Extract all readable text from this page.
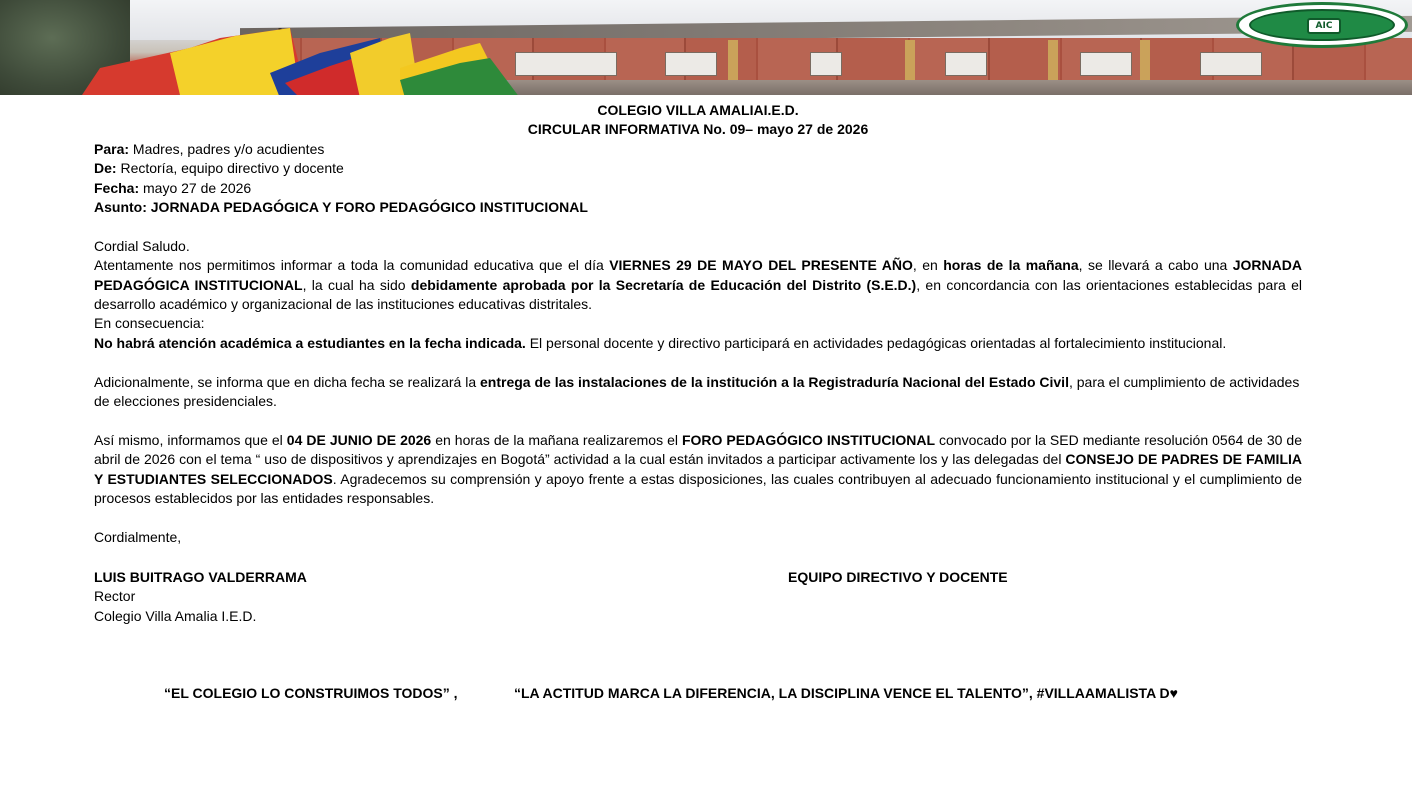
AIC

COLEGIO VILLA AMALIAI.E.D.

CIRCULAR INFORMATIVA No. 09– mayo 27 de 2026

Para: Madres, padres y/o acudientes

De: Rectoría, equipo directivo y docente

Fecha: mayo 27 de 2026

Asunto: JORNADA PEDAGÓGICA Y FORO PEDAGÓGICO INSTITUCIONAL

Cordial Saludo.

Atentamente nos permitimos informar a toda la comunidad educativa que el día VIERNES 29 DE MAYO DEL PRESENTE AÑO, en horas de la mañana, se llevará a cabo una JORNADA PEDAGÓGICA INSTITUCIONAL, la cual ha sido debidamente aprobada por la Secretaría de Educación del Distrito (S.E.D.), en concordancia con las orientaciones establecidas para el desarrollo académico y organizacional de las instituciones educativas distritales.

En consecuencia:

No habrá atención académica a estudiantes en la fecha indicada. El personal docente y directivo participará en actividades pedagógicas orientadas al fortalecimiento institucional.

Adicionalmente, se informa que en dicha fecha se realizará la entrega de las instalaciones de la institución a la Registraduría Nacional del Estado Civil, para el cumplimiento de actividades de elecciones presidenciales.

Así mismo, informamos que el 04 DE JUNIO DE 2026 en horas de la mañana realizaremos el FORO PEDAGÓGICO INSTITUCIONAL convocado por la SED mediante resolución 0564 de 30 de abril de 2026 con el tema “ uso de dispositivos y aprendizajes en Bogotá” actividad a la cual están invitados a participar activamente los y las delegadas del CONSEJO DE PADRES DE FAMILIA Y ESTUDIANTES SELECCIONADOS. Agradecemos su comprensión y apoyo frente a estas disposiciones, las cuales contribuyen al adecuado funcionamiento institucional y el cumplimiento de procesos establecidos por las entidades responsables.

Cordialmente,

LUIS BUITRAGO VALDERRAMA
Rector
Colegio Villa Amalia I.E.D.
EQUIPO DIRECTIVO Y DOCENTE
“EL COLEGIO LO CONSTRUIMOS TODOS” ,	“LA ACTITUD MARCA LA DIFERENCIA, LA DISCIPLINA VENCE EL TALENTO”, #VILLAAMALISTA D♥
